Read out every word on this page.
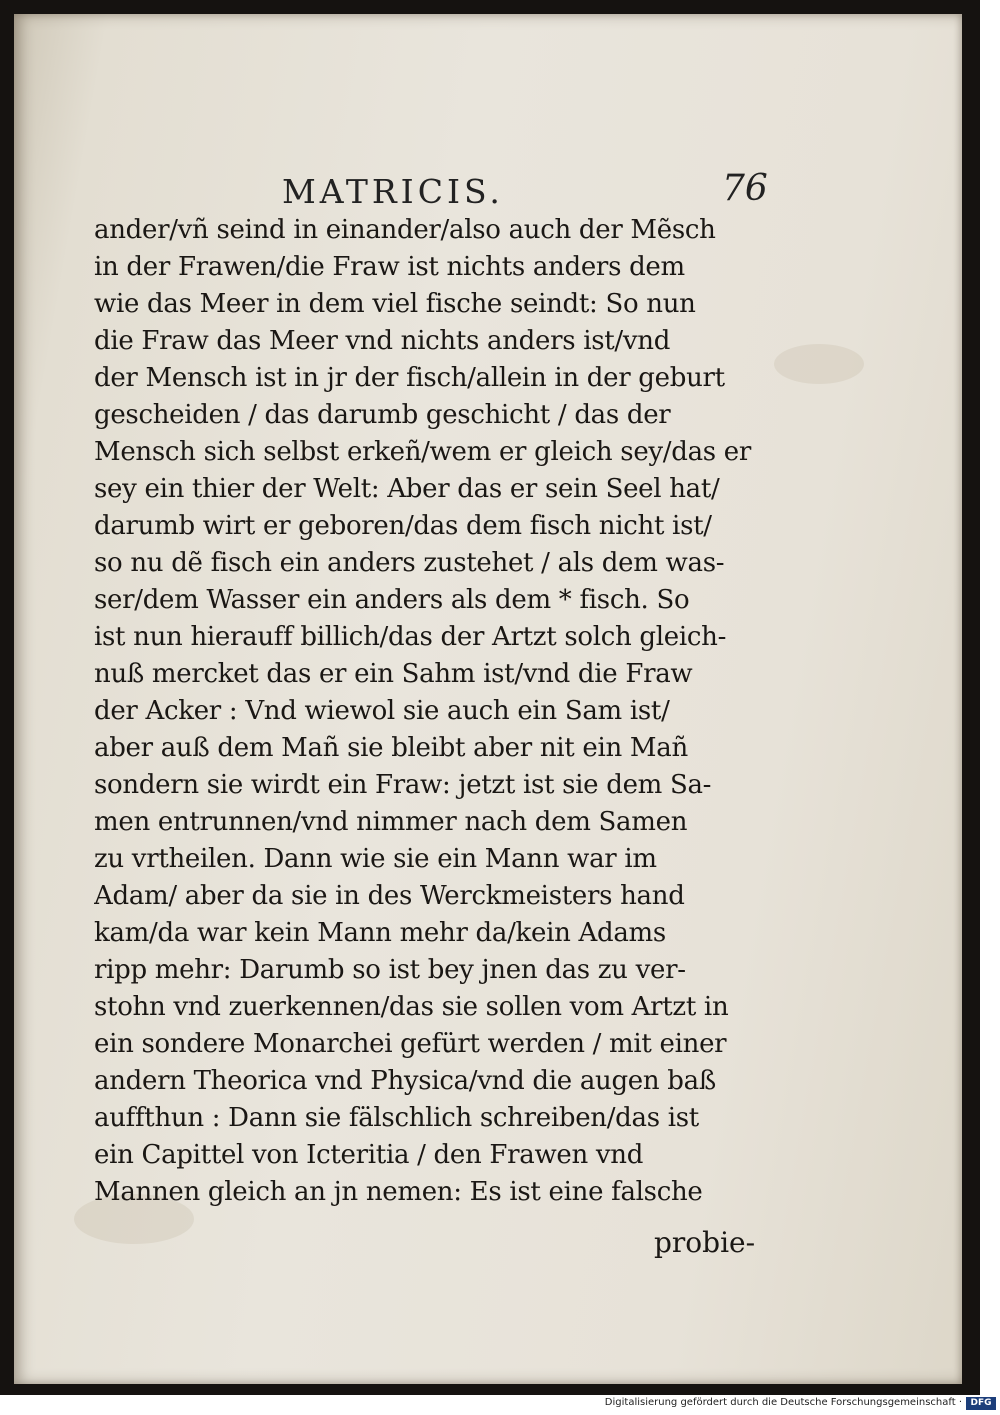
MATRICIS.	76
ander/vñ seind in einander/also auch der Mẽsch
in der Frawen/die Fraw ist nichts anders dem
wie das Meer in dem viel fische seindt: So nun
die Fraw das Meer vnd nichts anders ist/vnd
der Mensch ist in jr der fisch/allein in der geburt
gescheiden / das darumb geschicht / das der
Mensch sich selbst erkeñ/wem er gleich sey/das er
sey ein thier der Welt: Aber das er sein Seel hat/
darumb wirt er geboren/das dem fisch nicht ist/
so nu dẽ fisch ein anders zustehet / als dem was-
ser/dem Wasser ein anders als dem * fisch. So
ist nun hierauff billich/das der Artzt solch gleich-
nuß mercket das er ein Sahm ist/vnd die Fraw
der Acker : Vnd wiewol sie auch ein Sam ist/
aber auß dem Mañ sie bleibt aber nit ein Mañ
sondern sie wirdt ein Fraw: jetzt ist sie dem Sa-
men entrunnen/vnd nimmer nach dem Samen
zu vrtheilen. Dann wie sie ein Mann war im
Adam/ aber da sie in des Werckmeisters hand
kam/da war kein Mann mehr da/kein Adams
ripp mehr: Darumb so ist bey jnen das zu ver-
stohn vnd zuerkennen/das sie sollen vom Artzt in
ein sondere Monarchei gefürt werden / mit einer
andern Theorica vnd Physica/vnd die augen baß
auffthun : Dann sie fälschlich schreiben/das ist
ein Capittel von Icteritia / den Frawen vnd
Mannen gleich an jn nemen: Es ist eine falsche
probie-
Digitalisierung gefördert durch die Deutsche Forschungsgemeinschaft · DFG
